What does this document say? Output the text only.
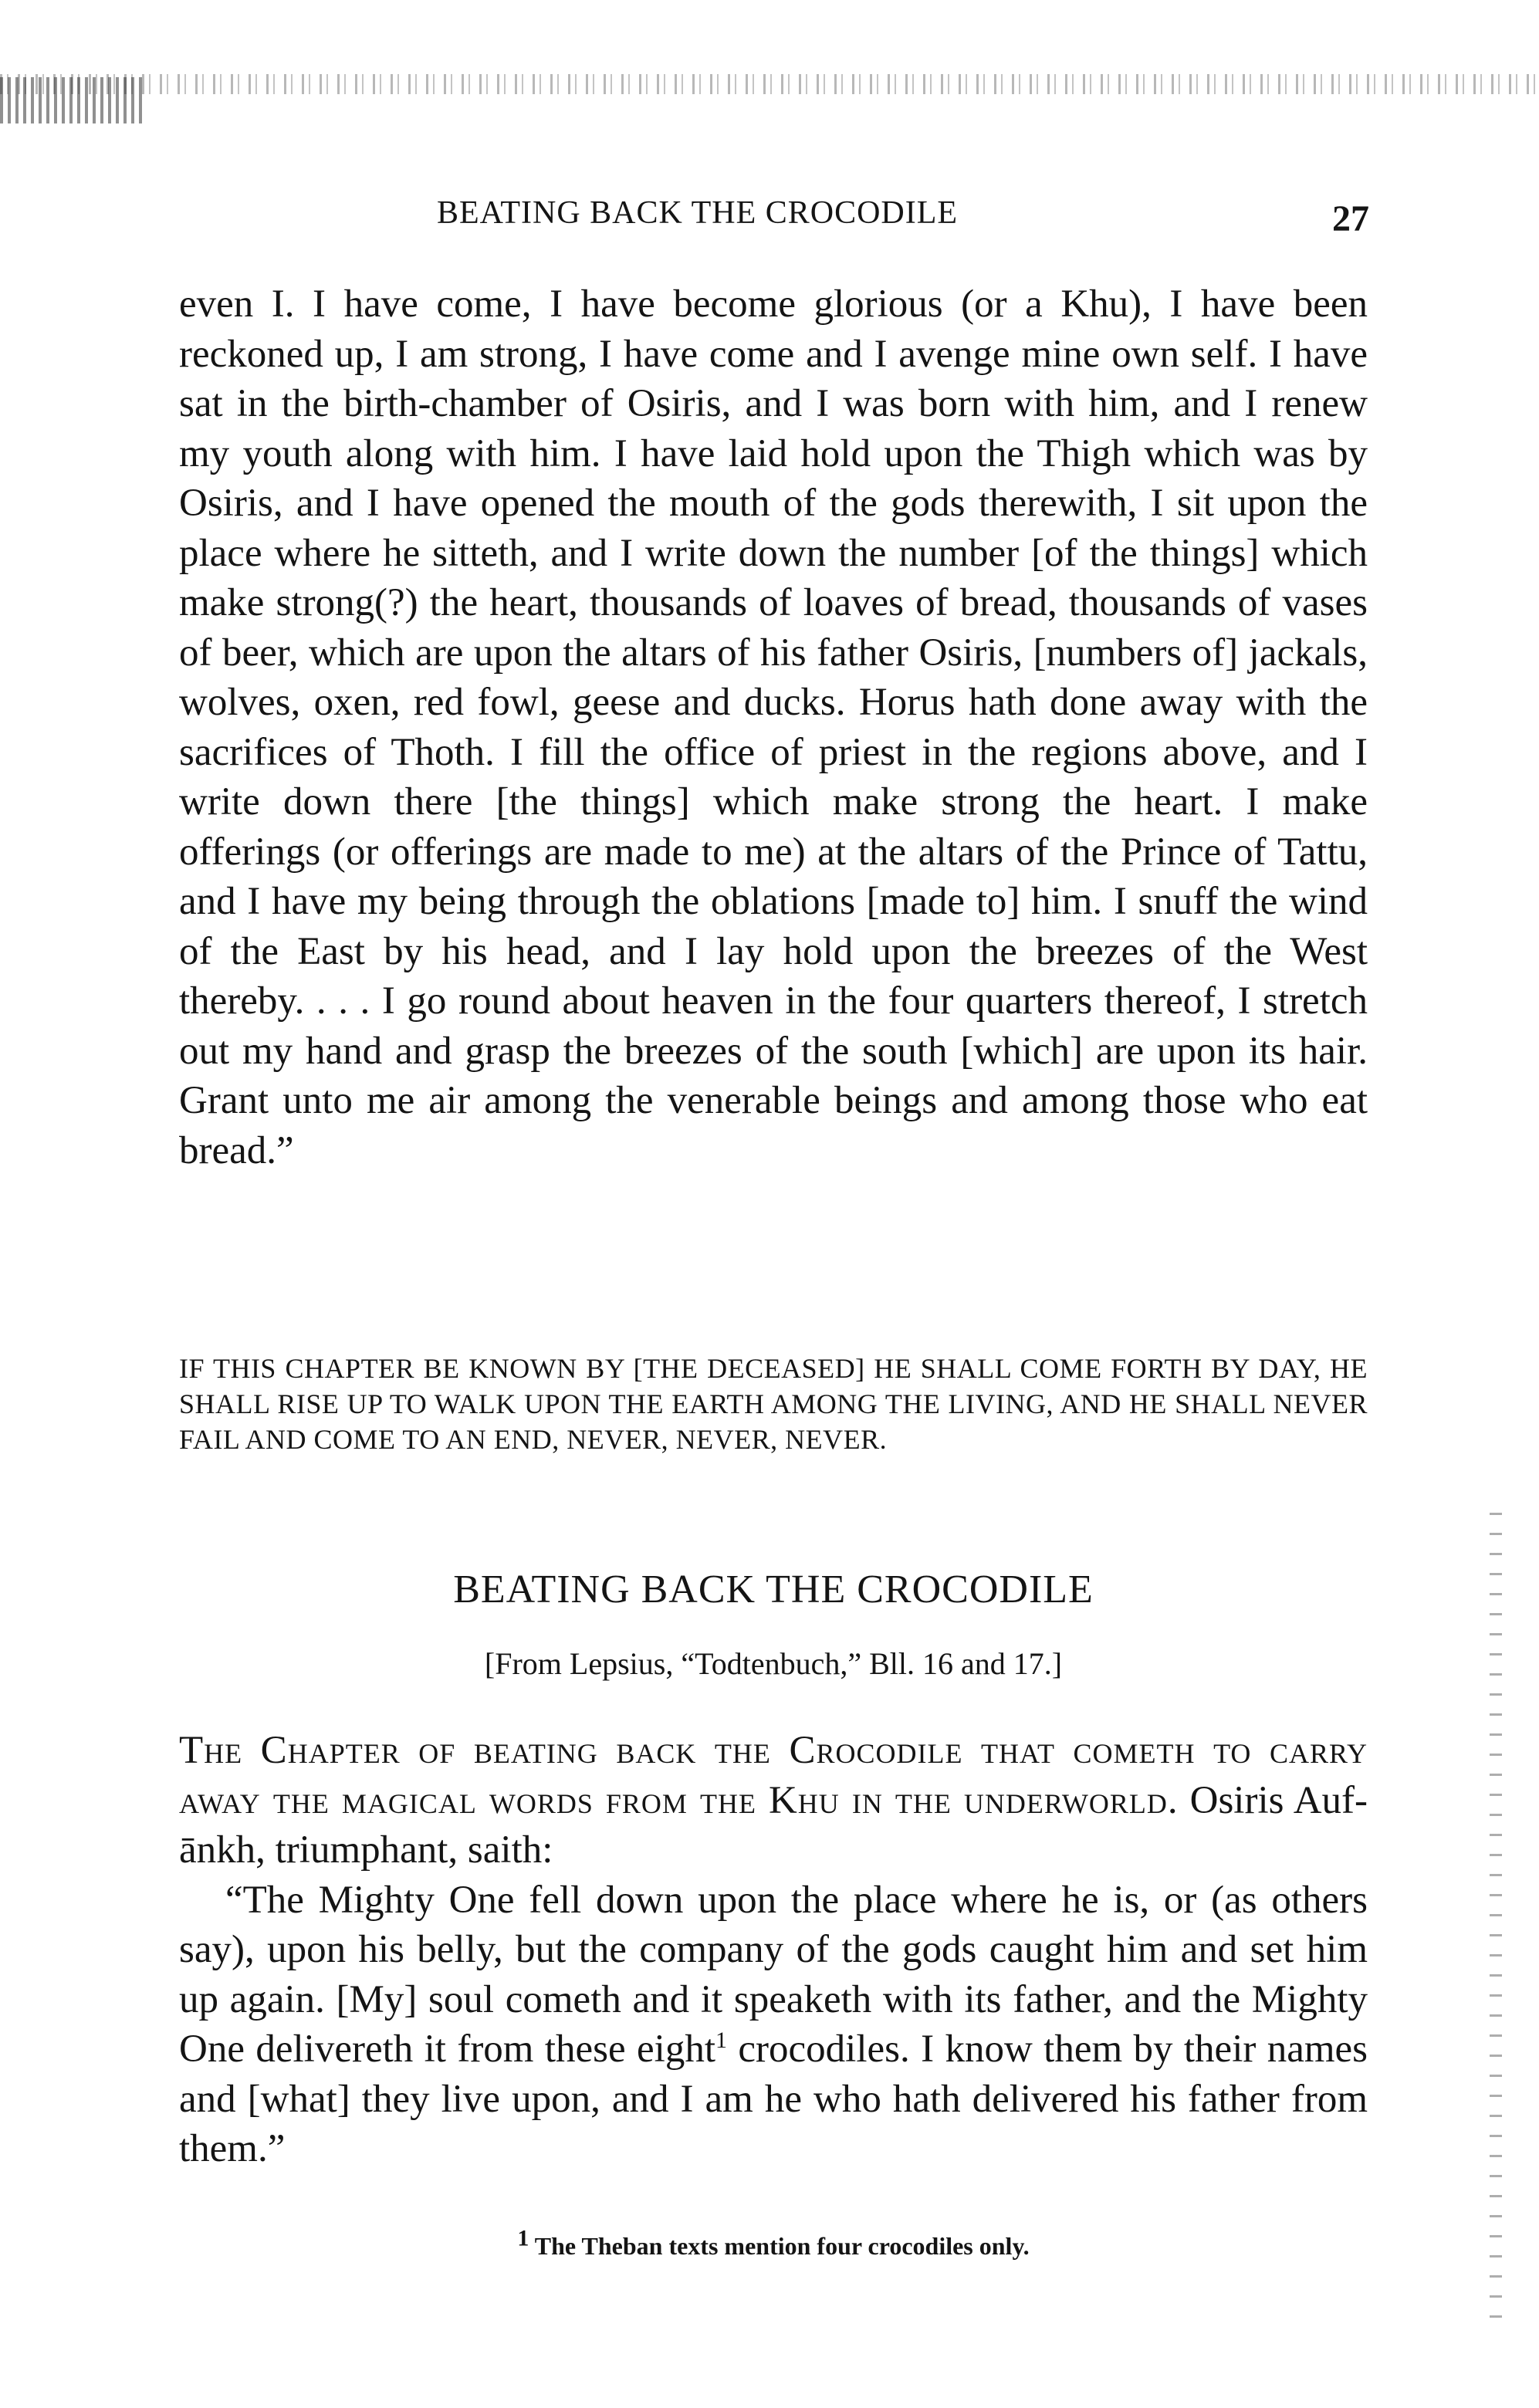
BEATING BACK THE CROCODILE	27
even I. I have come, I have become glorious (or a Khu), I have been reckoned up, I am strong, I have come and I avenge mine own self. I have sat in the birth-chamber of Osiris, and I was born with him, and I renew my youth along with him. I have laid hold upon the Thigh which was by Osiris, and I have opened the mouth of the gods therewith, I sit upon the place where he sitteth, and I write down the number [of the things] which make strong(?) the heart, thousands of loaves of bread, thousands of vases of beer, which are upon the altars of his father Osiris, [numbers of] jackals, wolves, oxen, red fowl, geese and ducks. Horus hath done away with the sacrifices of Thoth. I fill the office of priest in the regions above, and I write down there [the things] which make strong the heart. I make offerings (or offerings are made to me) at the altars of the Prince of Tattu, and I have my being through the oblations [made to] him. I snuff the wind of the East by his head, and I lay hold upon the breezes of the West thereby. . . . I go round about heaven in the four quarters thereof, I stretch out my hand and grasp the breezes of the south [which] are upon its hair. Grant unto me air among the venerable beings and among those who eat bread.”
IF THIS CHAPTER BE KNOWN BY [THE DECEASED] HE SHALL COME FORTH BY DAY, HE SHALL RISE UP TO WALK UPON THE EARTH AMONG THE LIVING, AND HE SHALL NEVER FAIL AND COME TO AN END, NEVER, NEVER, NEVER.
BEATING BACK THE CROCODILE
[From Lepsius, “Todtenbuch,” Bll. 16 and 17.]
The Chapter of beating back the Crocodile that cometh to carry away the magical words from the Khu in the underworld. Osiris Auf-ānkh, triumphant, saith:
“The Mighty One fell down upon the place where he is, or (as others say), upon his belly, but the company of the gods caught him and set him up again. [My] soul cometh and it speaketh with its father, and the Mighty One delivereth it from these eight$^1$ crocodiles. I know them by their names and [what] they live upon, and I am he who hath delivered his father from them.”
1 The Theban texts mention four crocodiles only.
